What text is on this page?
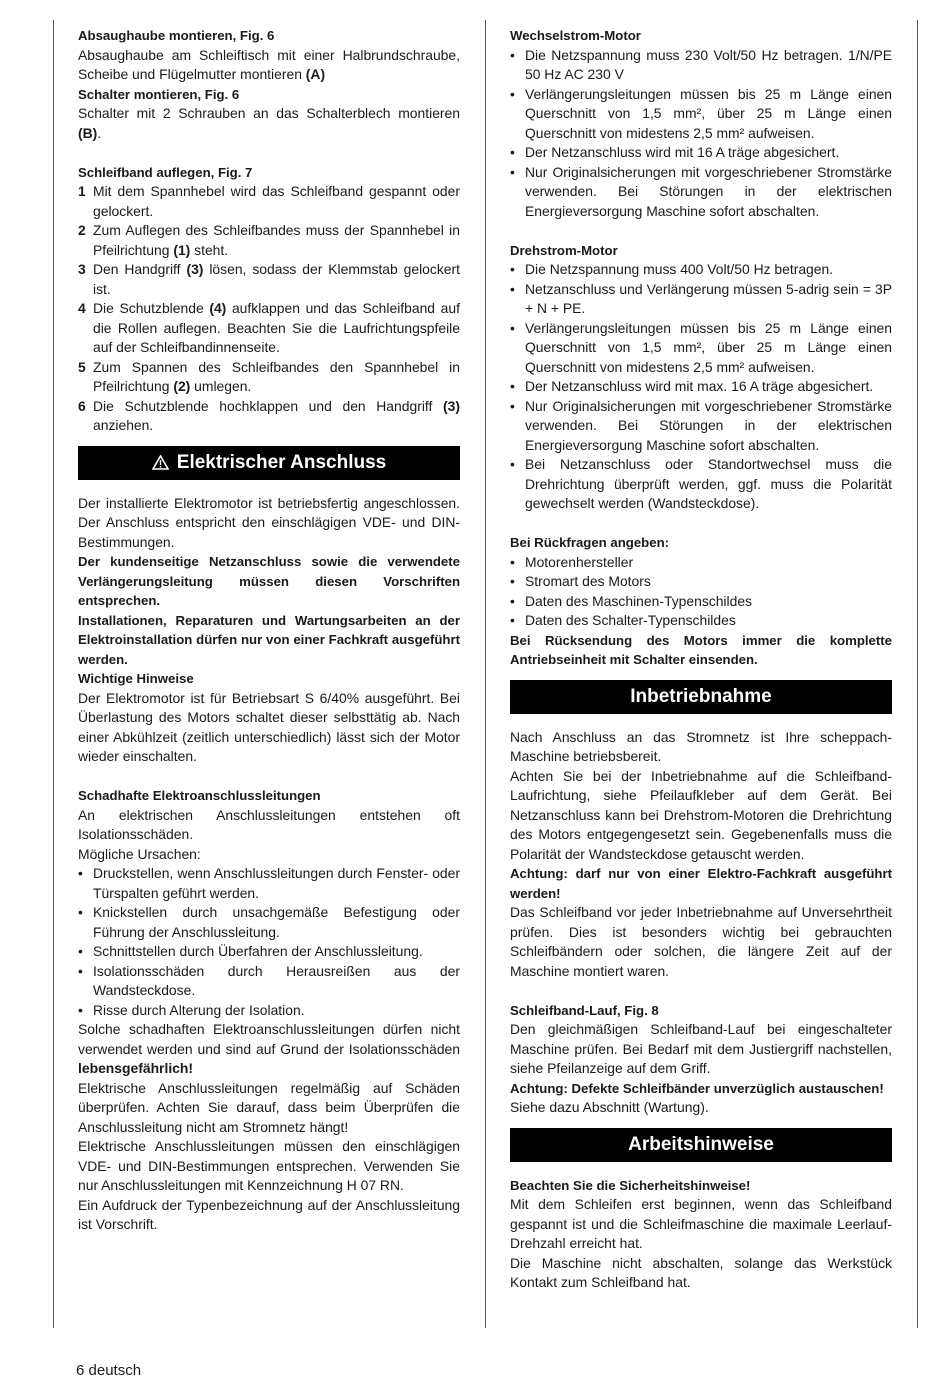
Absaughaube montieren, Fig. 6

Absaughaube am Schleiftisch mit einer Halbrundschraube, Scheibe und Flügelmutter montieren (A)

Schalter montieren, Fig. 6

Schalter mit 2 Schrauben an das Schalterblech montieren (B).

Schleifband auflegen, Fig. 7

1 Mit dem Spannhebel wird das Schleifband gespannt oder gelockert.
2 Zum Auflegen des Schleifbandes muss der Spannhebel in Pfeilrichtung (1) steht.
3 Den Handgriff (3) lösen, sodass der Klemmstab gelockert ist.
4 Die Schutzblende (4) aufklappen und das Schleifband auf die Rollen auflegen. Beachten Sie die Laufrichtungspfeile auf der Schleifbandinnenseite.
5 Zum Spannen des Schleifbandes den Spannhebel in Pfeilrichtung (2) umlegen.
6 Die Schutzblende hochklappen und den Handgriff (3) anziehen.
Elektrischer Anschluss

Der installierte Elektromotor ist betriebsfertig angeschlossen. Der Anschluss entspricht den einschlägigen VDE- und DIN-Bestimmungen.

Der kundenseitige Netzanschluss sowie die verwendete Verlängerungsleitung müssen diesen Vorschriften entsprechen.

Installationen, Reparaturen und Wartungsarbeiten an der Elektroinstallation dürfen nur von einer Fachkraft ausgeführt werden.

Wichtige Hinweise

Der Elektromotor ist für Betriebsart S 6/40% ausgeführt. Bei Überlastung des Motors schaltet dieser selbsttätig ab. Nach einer Abkühlzeit (zeitlich unterschiedlich) lässt sich der Motor wieder einschalten.

Schadhafte Elektroanschlussleitungen

An elektrischen Anschlussleitungen entstehen oft Isolationsschäden.

Mögliche Ursachen:

• Druckstellen, wenn Anschlussleitungen durch Fenster- oder Türspalten geführt werden.
• Knickstellen durch unsachgemäße Befestigung oder Führung der Anschlussleitung.
• Schnittstellen durch Überfahren der Anschlussleitung.
• Isolationsschäden durch Herausreißen aus der Wandsteckdose.
• Risse durch Alterung der Isolation.

Solche schadhaften Elektroanschlussleitungen dürfen nicht verwendet werden und sind auf Grund der Isolationsschäden lebensgefährlich!

Elektrische Anschlussleitungen regelmäßig auf Schäden überprüfen. Achten Sie darauf, dass beim Überprüfen die Anschlussleitung nicht am Stromnetz hängt!

Elektrische Anschlussleitungen müssen den einschlägigen VDE- und DIN-Bestimmungen entsprechen. Verwenden Sie nur Anschlussleitungen mit Kennzeichnung H 07 RN.

Ein Aufdruck der Typenbezeichnung auf der Anschlussleitung ist Vorschrift.

Wechselstrom-Motor

• Die Netzspannung muss 230 Volt/50 Hz betragen. 1/N/PE 50 Hz AC 230 V
• Verlängerungsleitungen müssen bis 25 m Länge einen Querschnitt von 1,5 mm², über 25 m Länge einen Querschnitt von midestens 2,5 mm² aufweisen.
• Der Netzanschluss wird mit 16 A träge abgesichert.
• Nur Originalsicherungen mit vorgeschriebener Stromstärke verwenden. Bei Störungen in der elektrischen Energieversorgung Maschine sofort abschalten.

Drehstrom-Motor

• Die Netzspannung muss 400 Volt/50 Hz betragen.
• Netzanschluss und Verlängerung müssen 5-adrig sein = 3P + N + PE.
• Verlängerungsleitungen müssen bis 25 m Länge einen Querschnitt von 1,5 mm², über 25 m Länge einen Querschnitt von midestens 2,5 mm² aufweisen.
• Der Netzanschluss wird mit max. 16 A träge abgesichert.
• Nur Originalsicherungen mit vorgeschriebener Stromstärke verwenden. Bei Störungen in der elektrischen Energieversorgung Maschine sofort abschalten.
• Bei Netzanschluss oder Standortwechsel muss die Drehrichtung überprüft werden, ggf. muss die Polarität gewechselt werden (Wandsteckdose).

Bei Rückfragen angeben:

• Motorenhersteller
• Stromart des Motors
• Daten des Maschinen-Typenschildes
• Daten des Schalter-Typenschildes

Bei Rücksendung des Motors immer die komplette Antriebseinheit mit Schalter einsenden.

Inbetriebnahme

Nach Anschluss an das Stromnetz ist Ihre scheppach-Maschine betriebsbereit.

Achten Sie bei der Inbetriebnahme auf die Schleifband-Laufrichtung, siehe Pfeilaufkleber auf dem Gerät. Bei Netzanschluss kann bei Drehstrom-Motoren die Drehrichtung des Motors entgegengesetzt sein. Gegebenenfalls muss die Polarität der Wandsteckdose getauscht werden.

Achtung: darf nur von einer Elektro-Fachkraft ausgeführt werden!

Das Schleifband vor jeder Inbetriebnahme auf Unversehrtheit prüfen. Dies ist besonders wichtig bei gebrauchten Schleifbändern oder solchen, die längere Zeit auf der Maschine montiert waren.

Schleifband-Lauf, Fig. 8

Den gleichmäßigen Schleifband-Lauf bei eingeschalteter Maschine prüfen. Bei Bedarf mit dem Justiergriff nachstellen, siehe Pfeilanzeige auf dem Griff.

Achtung: Defekte Schleifbänder unverzüglich austauschen!

Siehe dazu Abschnitt (Wartung).

Arbeitshinweise

Beachten Sie die Sicherheitshinweise!

Mit dem Schleifen erst beginnen, wenn das Schleifband gespannt ist und die Schleifmaschine die maximale Leerlauf-Drehzahl erreicht hat.

Die Maschine nicht abschalten, solange das Werkstück Kontakt zum Schleifband hat.

6 deutsch
